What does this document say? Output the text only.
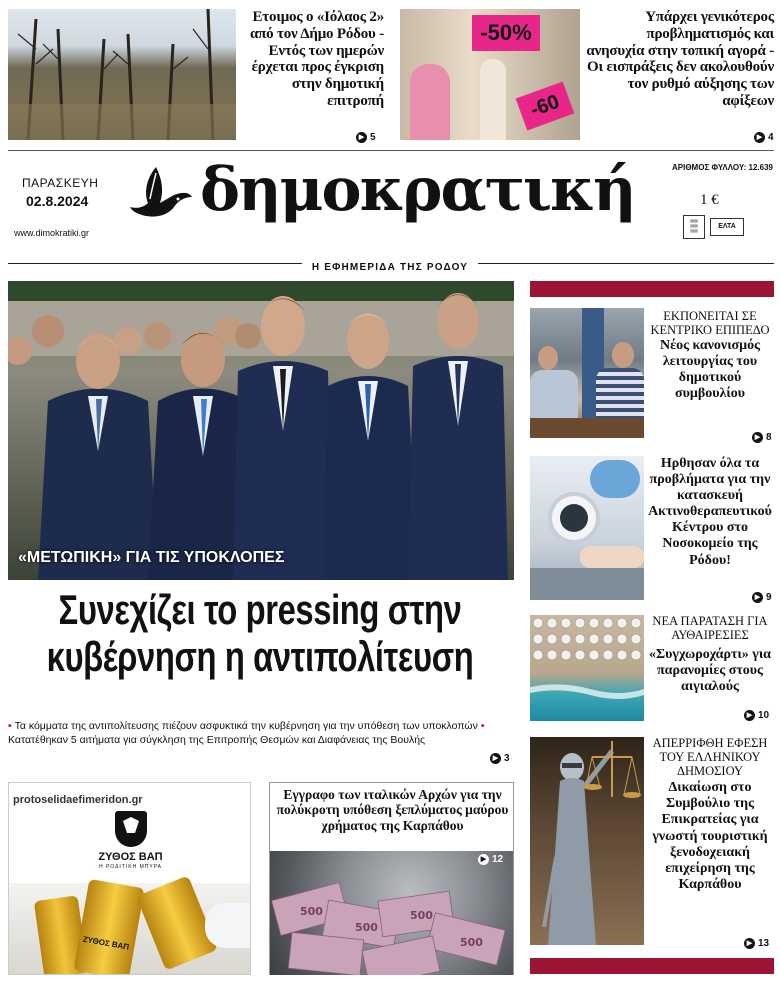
Ετοιμος ο «Ιόλαος 2» από τον Δήμο Ρόδου - Εντός των ημερών έρχεται προς έγκριση στην δημοτική επιτροπή
▶ 5
-50%
-60
Υπάρχει γενικότερος προβληματισμός και ανησυχία στην τοπική αγορά - Οι εισπράξεις δεν ακολουθούν τον ρυθμό αύξησης των αφίξεων
▶ 4
ΠΑΡΑΣΚΕΥΗ
02.8.2024
www.dimokratiki.gr
δημοκρατική	ΑΡΙΘΜΟΣ ΦΥΛΛΟΥ: 12.639
1 €
▤▤
▤▤
▤▤
ΕΛΤΑ
Η ΕΦΗΜΕΡΙΔΑ ΤΗΣ ΡΟΔΟΥ
«ΜΕΤΩΠΙΚΗ» ΓΙΑ ΤΙΣ ΥΠΟΚΛΟΠΕΣ
Συνεχίζει το pressing στην
κυβέρνηση η αντιπολίτευση
• Τα κόμματα της αντιπολίτευσης πιέζουν ασφυκτικά την κυβέρνηση για την υπόθεση των υποκλοπών • Κατατέθηκαν 5 αιτήματα για σύγκληση της Επιτροπής Θεσμών και Διαφάνειας της Βουλής
▶ 3
protoselidaefimeridon.gr
ΖΥΘΟΣ ΒΑΠ
Η ΡΟΔΙΤΙΚΗ ΜΠΥΡΑ
ΖΥΘΟΣ ΒΑΠ
Εγγραφο των ιταλικών Αρχών για την πολύκροτη υπόθεση ξεπλύματος μαύρου χρήματος της Καρπάθου
500
500
500
500
▶ 12
ΕΚΠΟΝΕΙΤΑΙ ΣΕ ΚΕΝΤΡΙΚΟ ΕΠΙΠΕΔΟ
Νέος κανονισμός λειτουργίας του δημοτικού συμβουλίου
▶ 8
Ηρθησαν όλα τα προβλήματα για την κατασκευή Ακτινοθεραπευτικού Κέντρου στο Νοσοκομείο της Ρόδου!
▶ 9
ΝΕΑ ΠΑΡΑΤΑΣΗ ΓΙΑ ΑΥΘΑΙΡΕΣΙΕΣ
«Συγχωροχάρτι» για παρανομίες στους αιγιαλούς
▶ 10
ΑΠΕΡΡΙΦΘΗ ΕΦΕΣΗ ΤΟΥ ΕΛΛΗΝΙΚΟΥ ΔΗΜΟΣΙΟΥ
Δικαίωση στο Συμβούλιο της Επικρατείας για γνωστή τουριστική ξενοδοχειακή επιχείρηση της Καρπάθου
▶ 13
